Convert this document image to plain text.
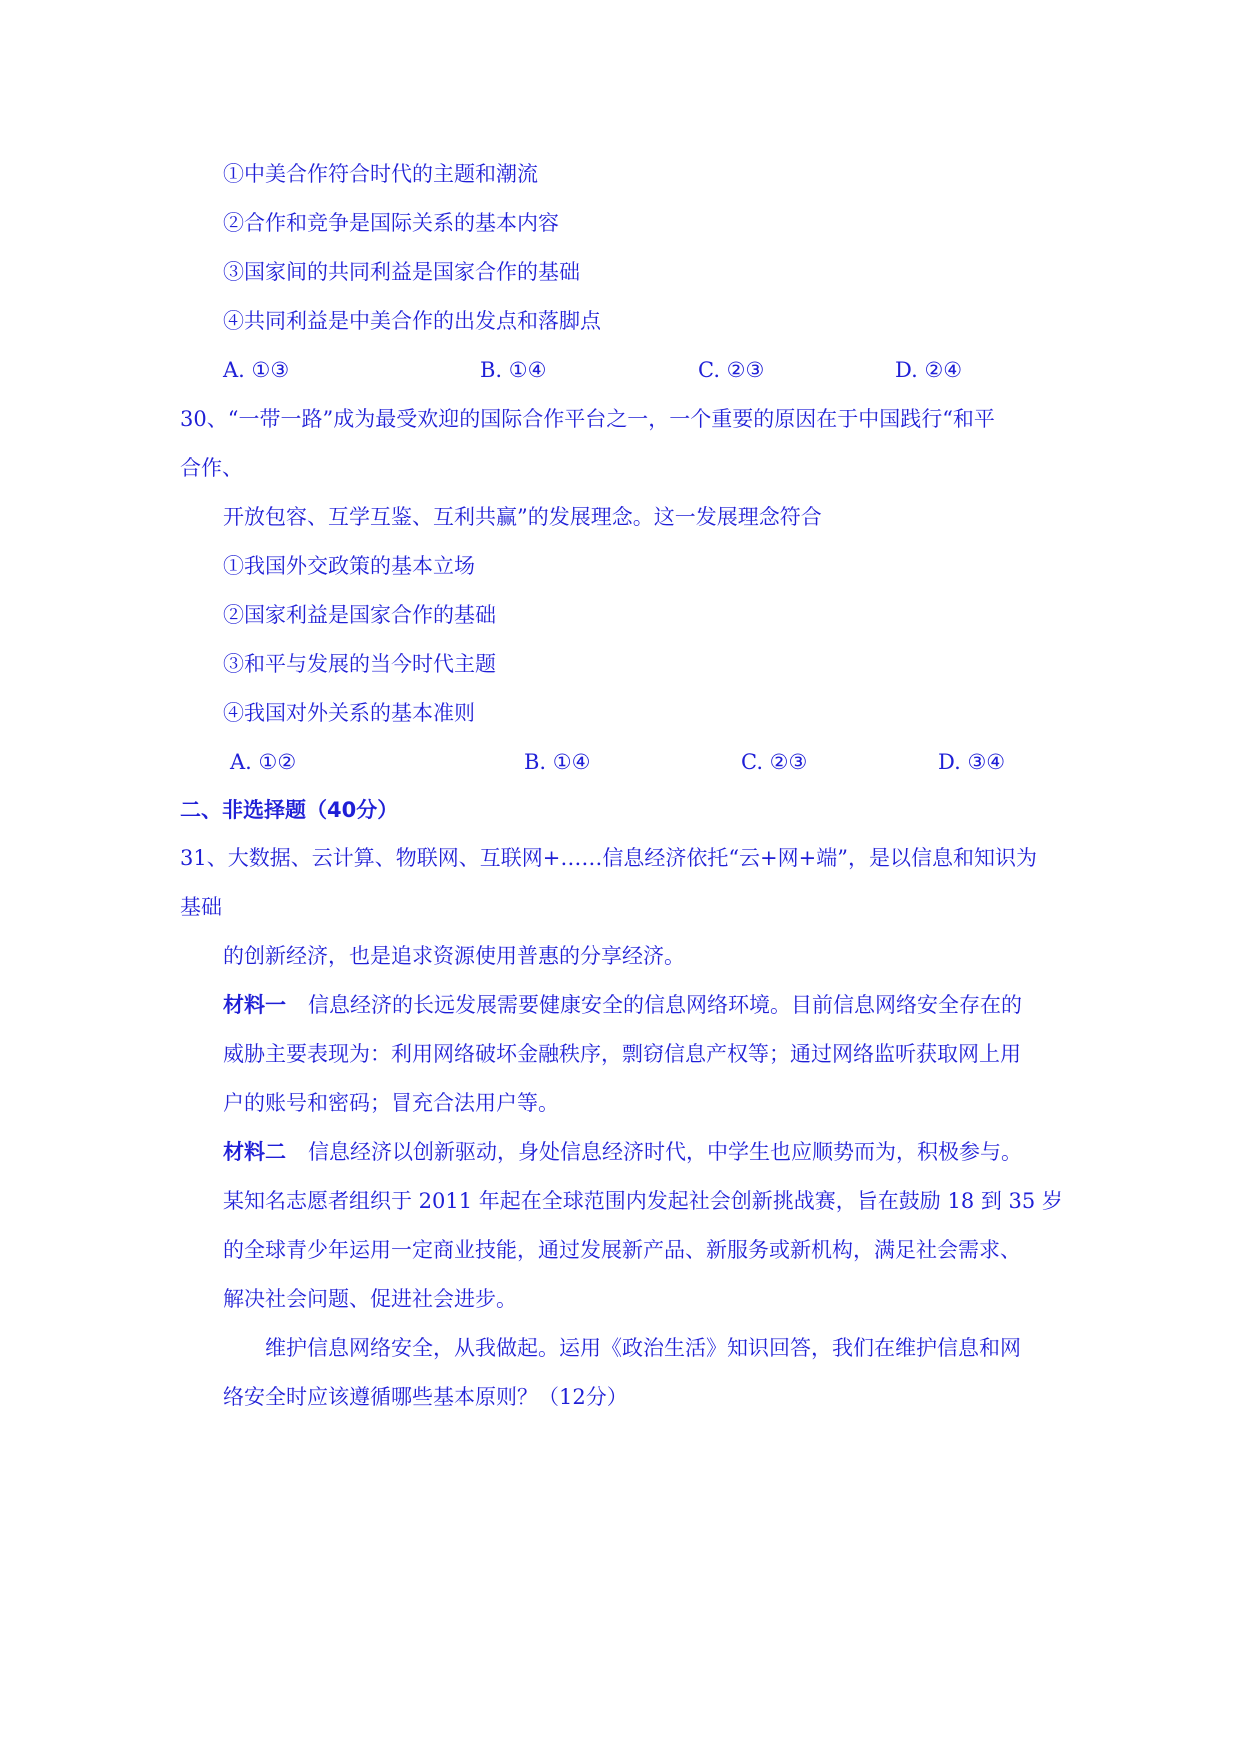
①中美合作符合时代的主题和潮流
②合作和竞争是国际关系的基本内容
③国家间的共同利益是国家合作的基础
④共同利益是中美合作的出发点和落脚点
A. ①③	B. ①④	C. ②③	D. ②④
30、“一带一路”成为最受欢迎的国际合作平台之一，一个重要的原因在于中国践行“和平
合作、
开放包容、互学互鉴、互利共赢”的发展理念。这一发展理念符合
①我国外交政策的基本立场
②国家利益是国家合作的基础
③和平与发展的当今时代主题
④我国对外关系的基本准则
A. ①②	B. ①④	C. ②③	D. ③④
二、非选择题（40分）
31、大数据、云计算、物联网、互联网+……信息经济依托“云+网+端”，是以信息和知识为
基础
的创新经济，也是追求资源使用普惠的分享经济。
材料一 信息经济的长远发展需要健康安全的信息网络环境。目前信息网络安全存在的
威胁主要表现为：利用网络破坏金融秩序，剽窃信息产权等；通过网络监听获取网上用
户的账号和密码；冒充合法用户等。
材料二 信息经济以创新驱动，身处信息经济时代，中学生也应顺势而为，积极参与。
某知名志愿者组织于 2011 年起在全球范围内发起社会创新挑战赛，旨在鼓励 18 到 35 岁
的全球青少年运用一定商业技能，通过发展新产品、新服务或新机构，满足社会需求、
解决社会问题、促进社会进步。
维护信息网络安全，从我做起。运用《政治生活》知识回答，我们在维护信息和网
络安全时应该遵循哪些基本原则？（12分）
